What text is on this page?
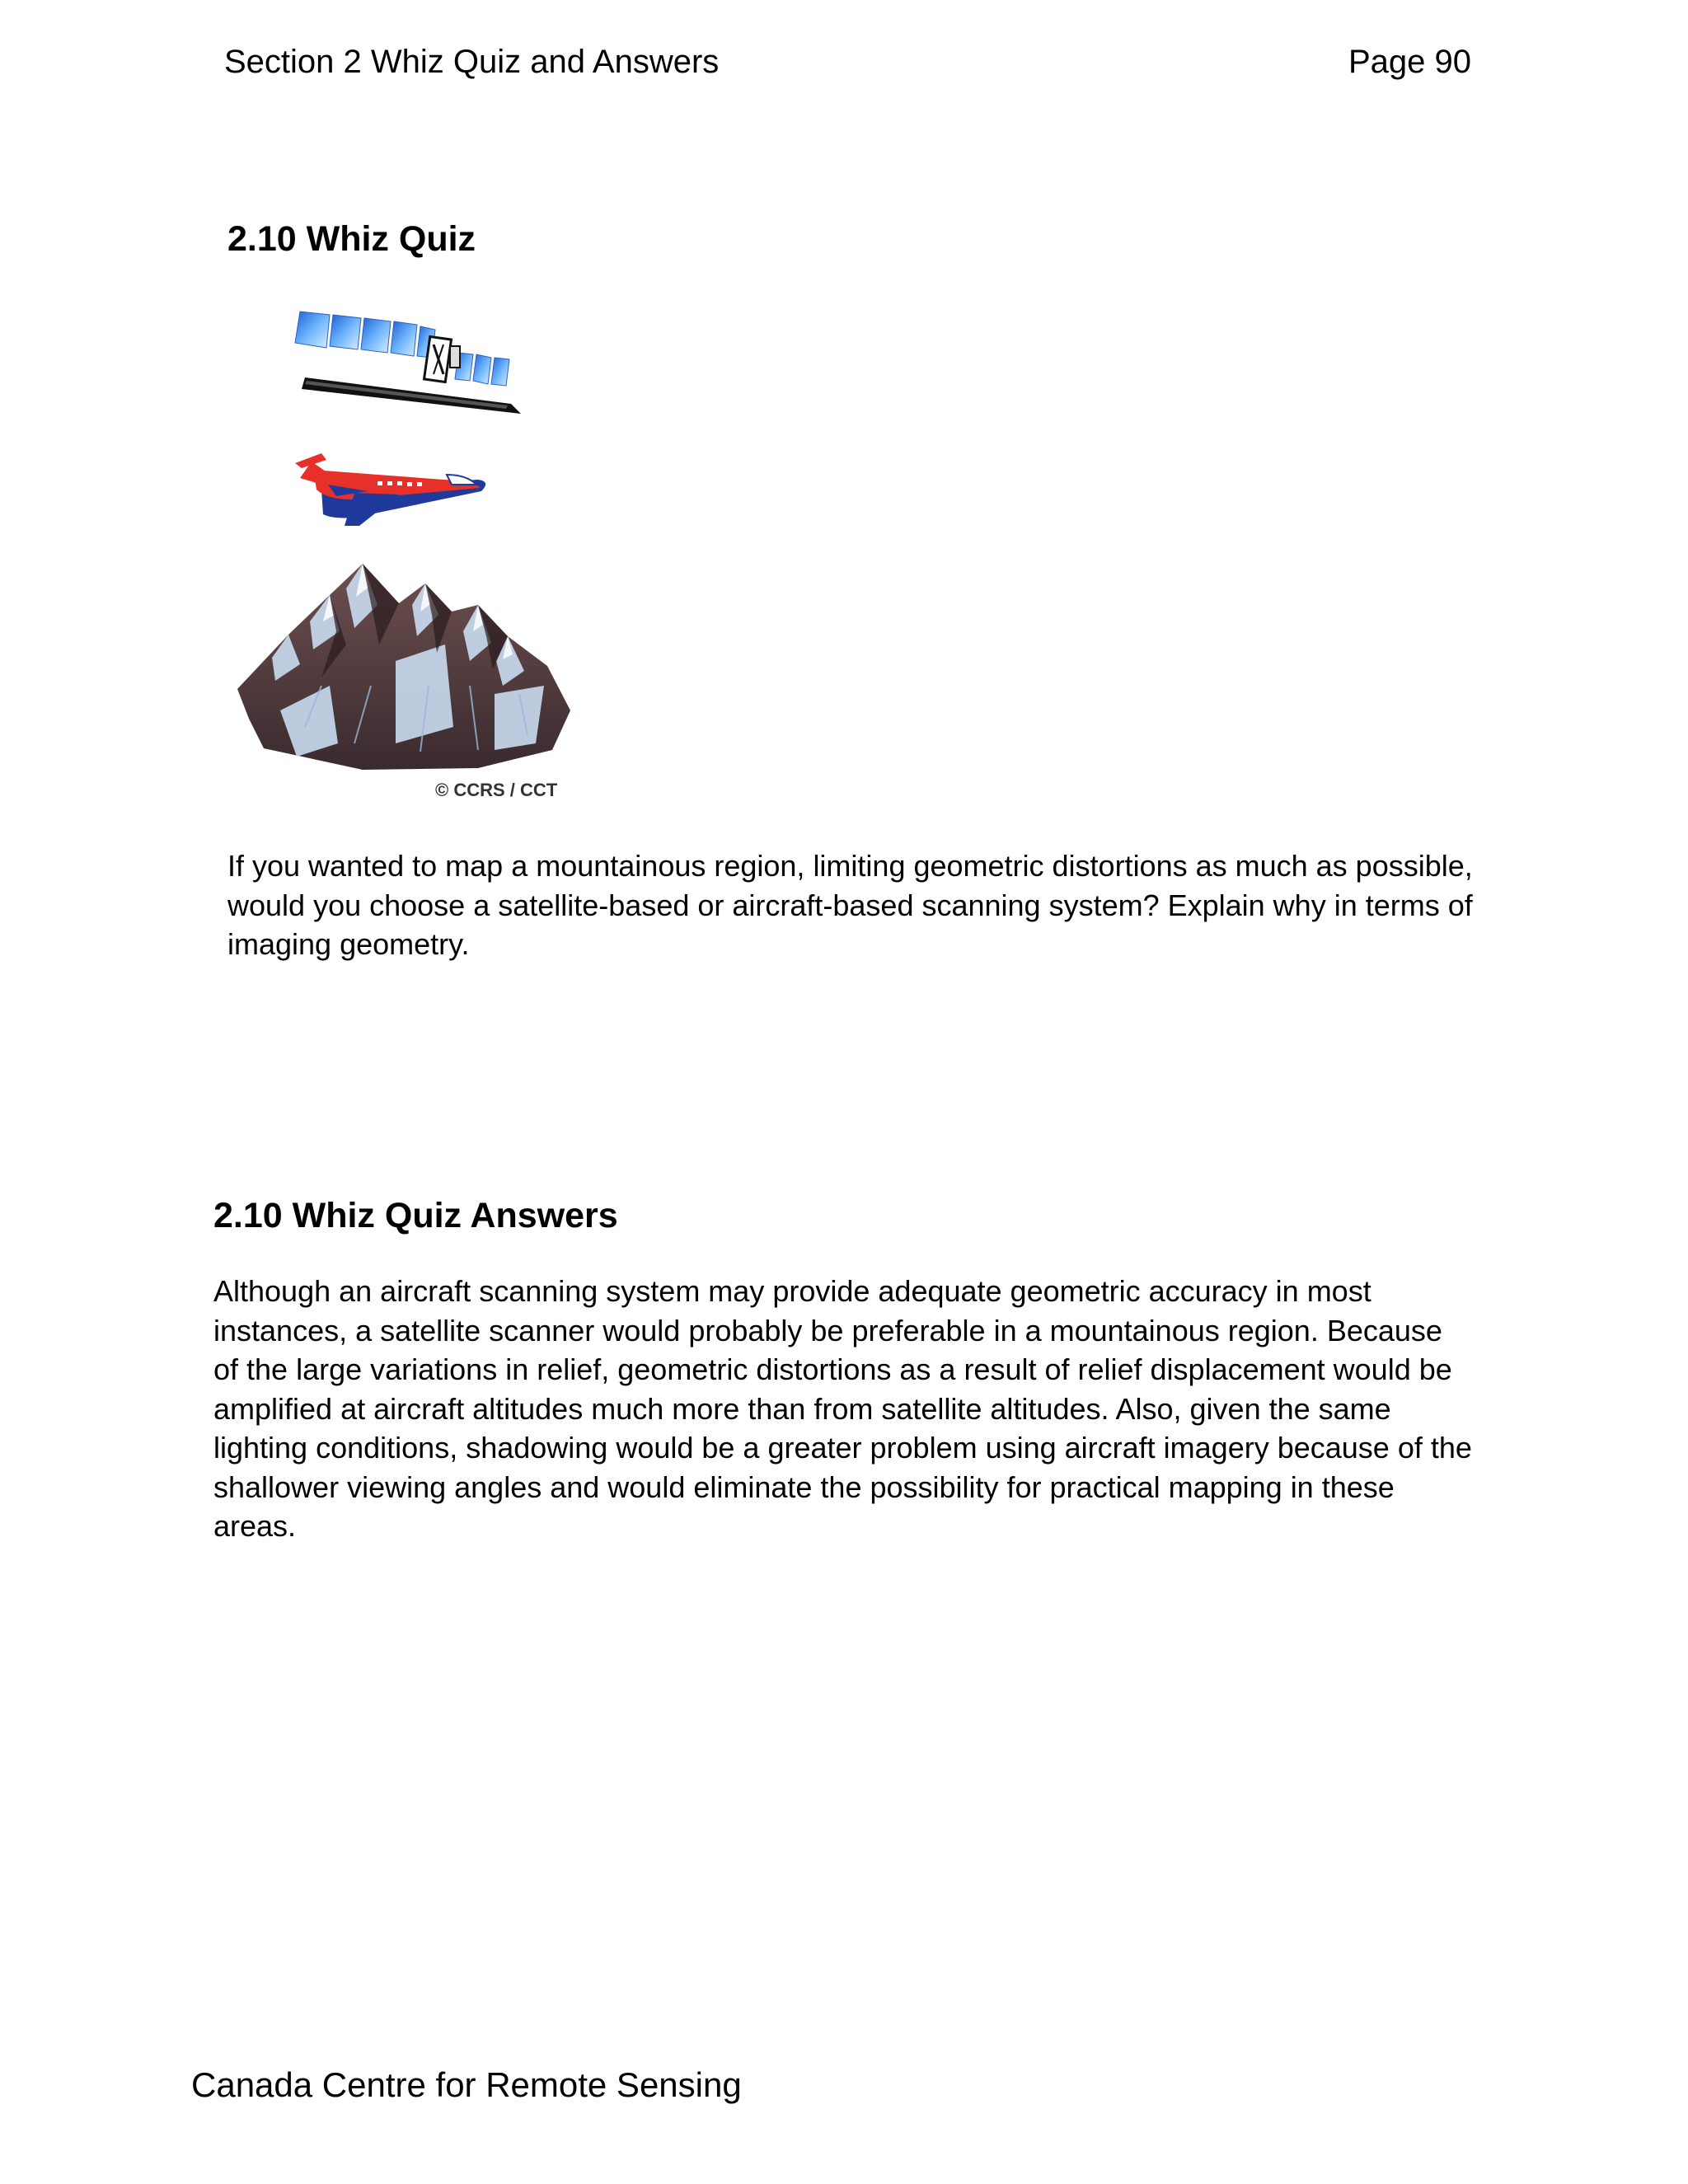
Section 2 Whiz Quiz and Answers	Page 90
2.10 Whiz Quiz
© CCRS / CCT

If you wanted to map a mountainous region, limiting geometric distortions as much as possible, would you choose a satellite-based or aircraft-based scanning system? Explain why in terms of imaging geometry.

2.10 Whiz Quiz Answers

Although an aircraft scanning system may provide adequate geometric accuracy in most instances, a satellite scanner would probably be preferable in a mountainous region. Because of the large variations in relief, geometric distortions as a result of relief displacement would be amplified at aircraft altitudes much more than from satellite altitudes. Also, given the same lighting conditions, shadowing would be a greater problem using aircraft imagery because of the shallower viewing angles and would eliminate the possibility for practical mapping in these areas.

Canada Centre for Remote Sensing
